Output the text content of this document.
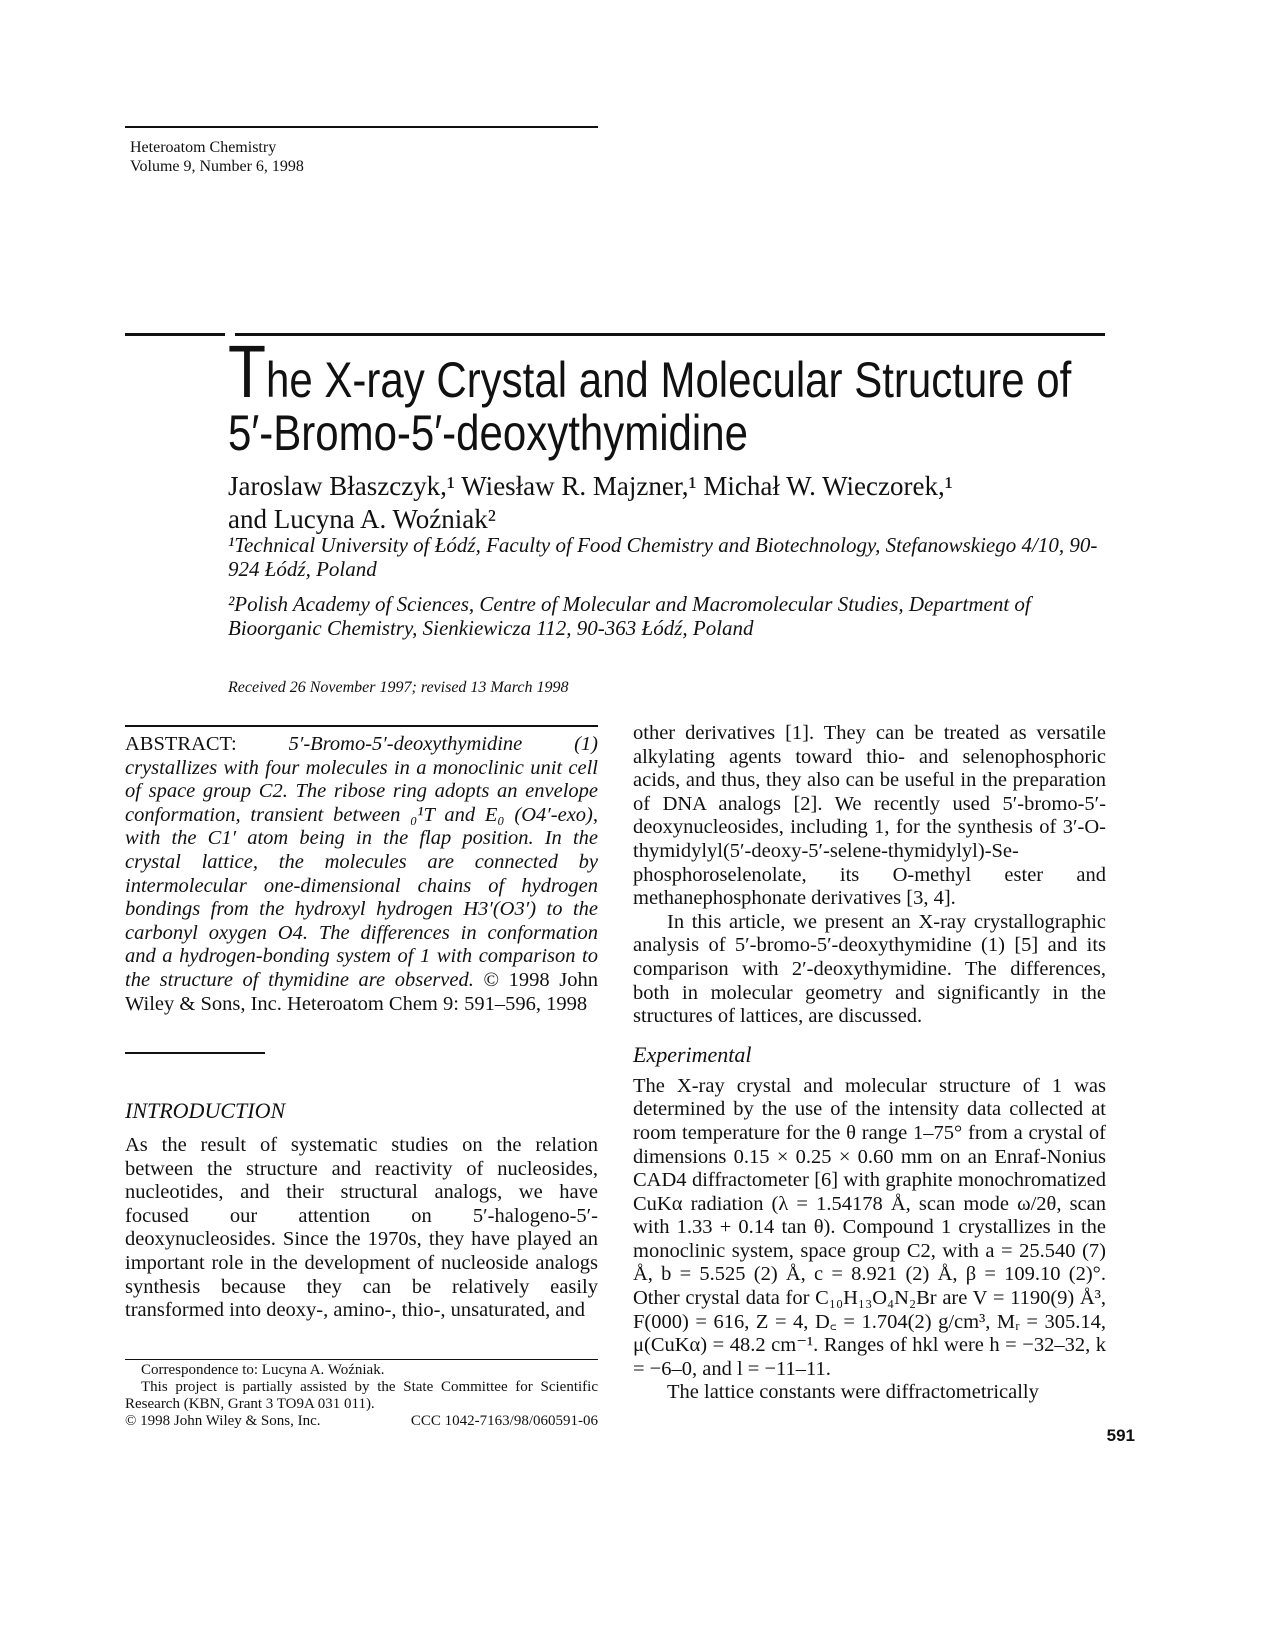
Heteroatom Chemistry
Volume 9, Number 6, 1998
The X-ray Crystal and Molecular Structure of
5′-Bromo-5′-deoxythymidine
Jaroslaw Błaszczyk,¹ Wiesław R. Majzner,¹ Michał W. Wieczorek,¹
and Lucyna A. Woźniak²
¹Technical University of Łódź, Faculty of Food Chemistry and Biotechnology, Stefanowskiego 4/10, 90-924 Łódź, Poland
²Polish Academy of Sciences, Centre of Molecular and Macromolecular Studies, Department of Bioorganic Chemistry, Sienkiewicza 112, 90-363 Łódź, Poland
Received 26 November 1997; revised 13 March 1998

ABSTRACT:	5′-Bromo-5′-deoxythymidine (1) crystallizes with four molecules in a monoclinic unit cell of space group C2. The ribose ring adopts an envelope conformation, transient between ₀¹T and E₀ (O4′-exo), with the C1′ atom being in the flap position. In the crystal lattice, the molecules are connected by intermolecular one-dimensional chains of hydrogen bondings from the hydroxyl hydrogen H3′(O3′) to the carbonyl oxygen O4. The differences in conformation and a hydrogen-bonding system of 1 with comparison to the structure of thymidine are observed. © 1998 John Wiley & Sons, Inc. Heteroatom Chem 9: 591–596, 1998

INTRODUCTION

As the result of systematic studies on the relation between the structure and reactivity of nucleosides, nucleotides, and their structural analogs, we have focused our attention on 5′-halogeno-5′-deoxynucleosides. Since the 1970s, they have played an important role in the development of nucleoside analogs synthesis because they can be relatively easily transformed into deoxy-, amino-, thio-, unsaturated, and

Correspondence to: Lucyna A. Woźniak.
This project is partially assisted by the State Committee for Scientific Research (KBN, Grant 3 TO9A 031 011).
© 1998 John Wiley & Sons, Inc.	CCC 1042-7163/98/060591-06

other derivatives [1]. They can be treated as versatile alkylating agents toward thio- and selenophosphoric acids, and thus, they also can be useful in the preparation of DNA analogs [2]. We recently used 5′-bromo-5′-deoxynucleosides, including 1, for the synthesis of 3′-O-thymidylyl(5′-deoxy-5′-selene-thymidylyl)-Se-phosphoroselenolate, its O-methyl ester and methanephosphonate derivatives [3, 4].

In this article, we present an X-ray crystallographic analysis of 5′-bromo-5′-deoxythymidine (1) [5] and its comparison with 2′-deoxythymidine. The differences, both in molecular geometry and significantly in the structures of lattices, are discussed.

Experimental

The X-ray crystal and molecular structure of 1 was determined by the use of the intensity data collected at room temperature for the θ range 1–75° from a crystal of dimensions 0.15 × 0.25 × 0.60 mm on an Enraf-Nonius CAD4 diffractometer [6] with graphite monochromatized CuKα radiation (λ = 1.54178 Å, scan mode ω/2θ, scan with 1.33 + 0.14 tan θ). Compound 1 crystallizes in the monoclinic system, space group C2, with a = 25.540 (7) Å, b = 5.525 (2) Å, c = 8.921 (2) Å, β = 109.10 (2)°. Other crystal data for C₁₀H₁₃O₄N₂Br are V = 1190(9) Å³, F(000) = 616, Z = 4, D꜀ = 1.704(2) g/cm³, Mᵣ = 305.14, μ(CuKα) = 48.2 cm⁻¹. Ranges of hkl were h = −32–32, k = −6–0, and l = −11–11.

The lattice constants were diffractometrically

591
